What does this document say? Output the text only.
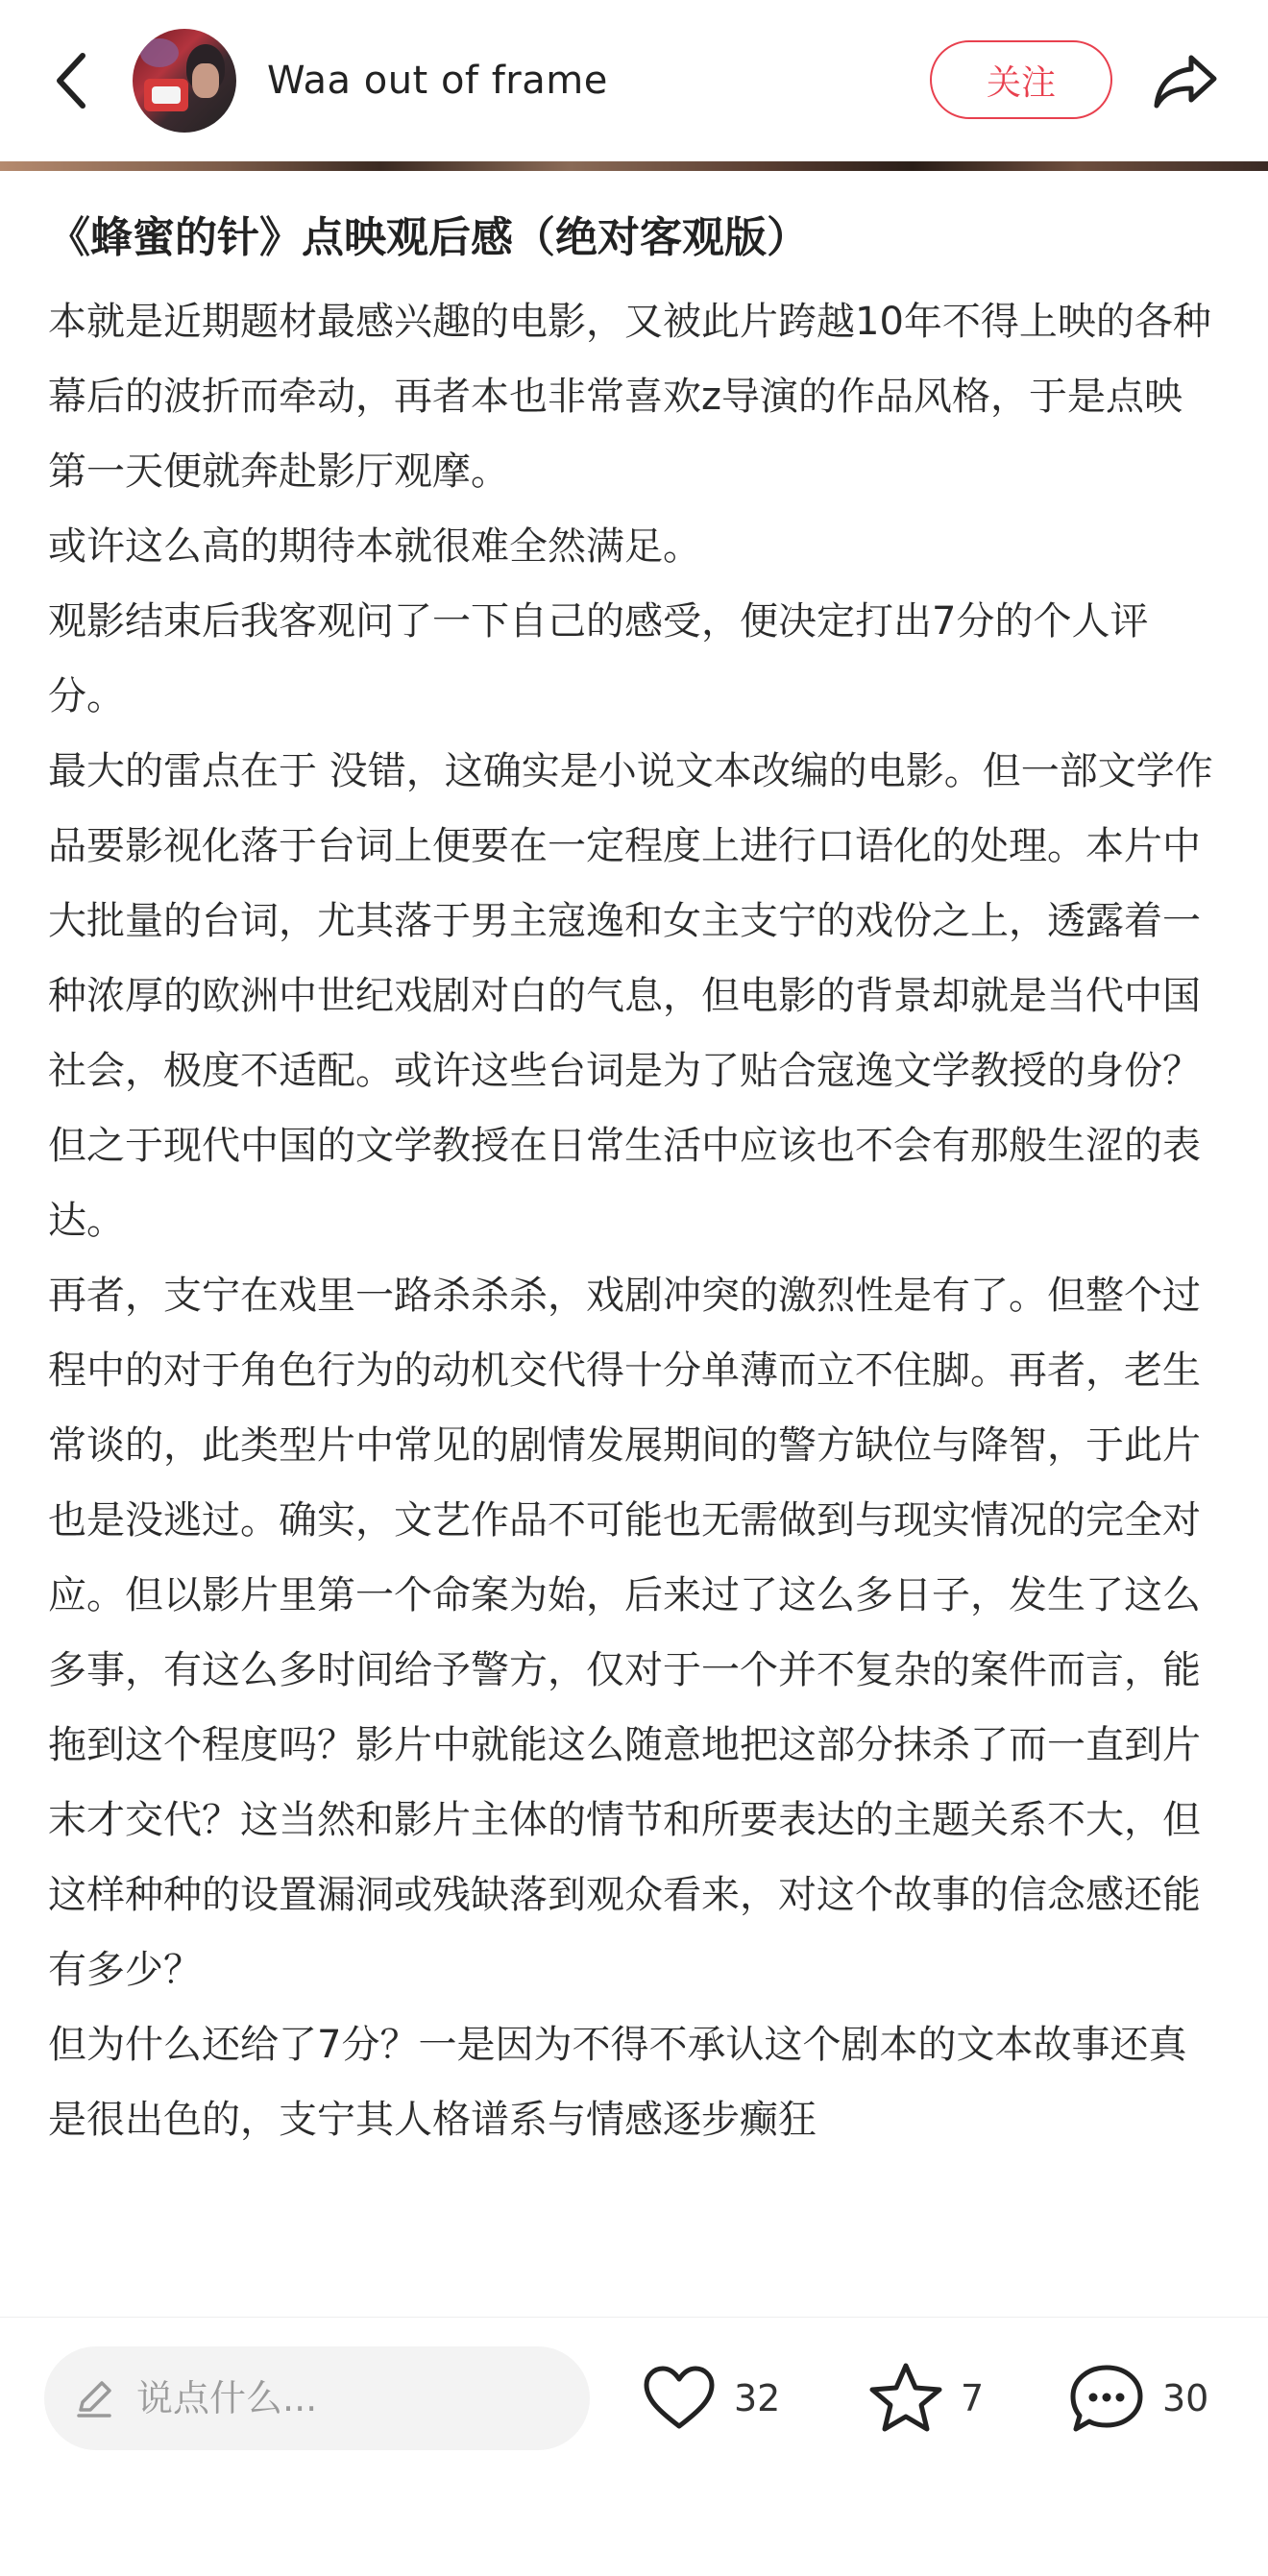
Waa out of frame	关注
《蜂蜜的针》点映观后感（绝对客观版）

本就是近期题材最感兴趣的电影，又被此片跨越10年不得上映的各种幕后的波折而牵动，再者本也非常喜欢z导演的作品风格，于是点映第一天便就奔赴影厅观摩。

或许这么高的期待本就很难全然满足。

观影结束后我客观问了一下自己的感受，便决定打出7分的个人评分。

最大的雷点在于 没错，这确实是小说文本改编的电影。但一部文学作品要影视化落于台词上便要在一定程度上进行口语化的处理。本片中大批量的台词，尤其落于男主寇逸和女主支宁的戏份之上，透露着一种浓厚的欧洲中世纪戏剧对白的气息，但电影的背景却就是当代中国社会，极度不适配。或许这些台词是为了贴合寇逸文学教授的身份？但之于现代中国的文学教授在日常生活中应该也不会有那般生涩的表达。

再者，支宁在戏里一路杀杀杀，戏剧冲突的激烈性是有了。但整个过程中的对于角色行为的动机交代得十分单薄而立不住脚。再者，老生常谈的，此类型片中常见的剧情发展期间的警方缺位与降智，于此片也是没逃过。确实，文艺作品不可能也无需做到与现实情况的完全对应。但以影片里第一个命案为始，后来过了这么多日子，发生了这么多事，有这么多时间给予警方，仅对于一个并不复杂的案件而言，能拖到这个程度吗？影片中就能这么随意地把这部分抹杀了而一直到片末才交代？这当然和影片主体的情节和所要表达的主题关系不大，但这样种种的设置漏洞或残缺落到观众看来，对这个故事的信念感还能有多少？

但为什么还给了7分？一是因为不得不承认这个剧本的文本故事还真是很出色的，支宁其人格谱系与情感逐步癫狂

说点什么...	32	7	30
